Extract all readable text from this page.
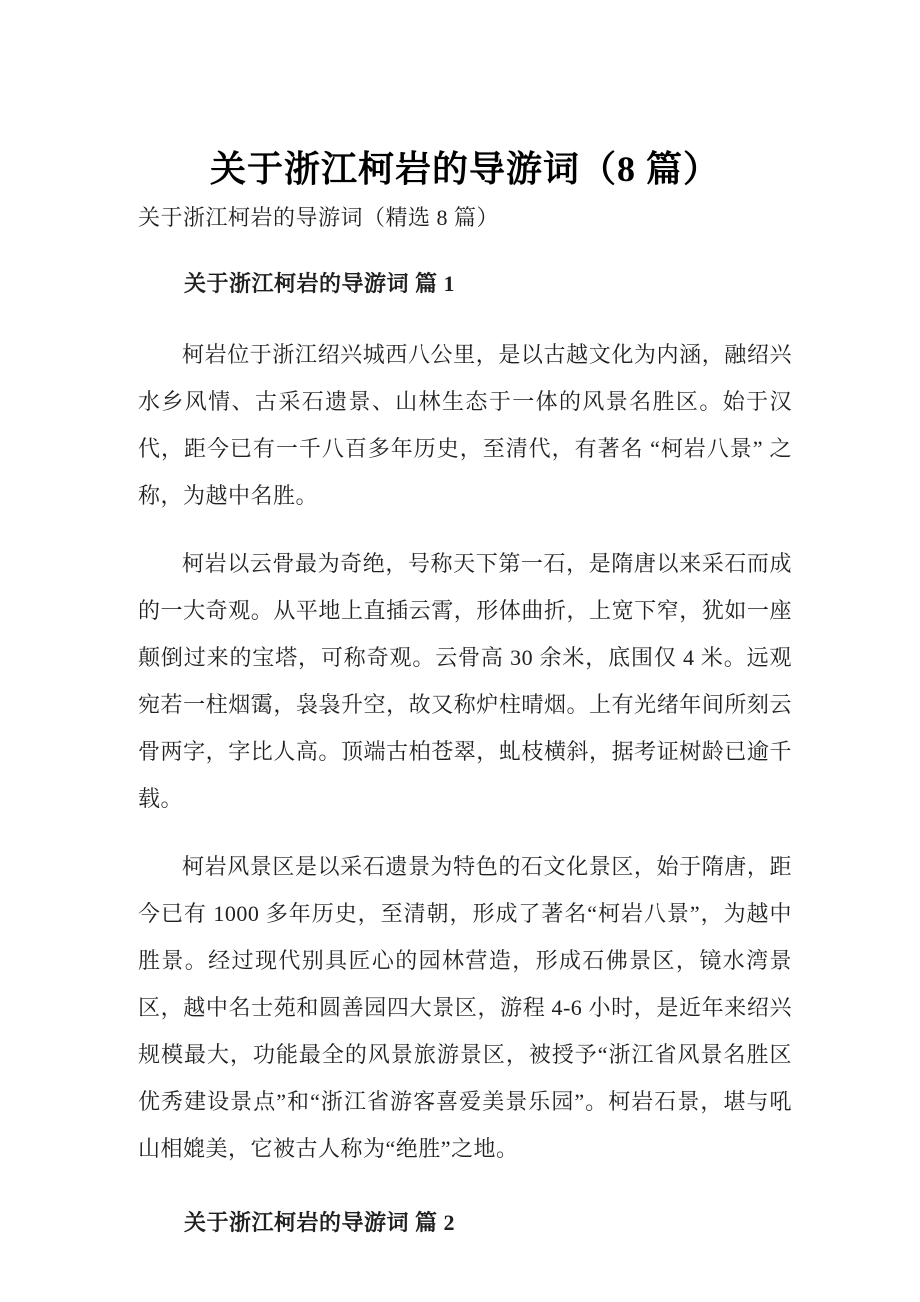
关于浙江柯岩的导游词（8 篇）

关于浙江柯岩的导游词（精选 8 篇）

关于浙江柯岩的导游词 篇 1

柯岩位于浙江绍兴城西八公里，是以古越文化为内涵，融绍兴水乡风情、古采石遗景、山林生态于一体的风景名胜区。始于汉代，距今已有一千八百多年历史，至清代，有著名 “柯岩八景” 之称，为越中名胜。

柯岩以云骨最为奇绝，号称天下第一石，是隋唐以来采石而成的一大奇观。从平地上直插云霄，形体曲折，上宽下窄，犹如一座颠倒过来的宝塔，可称奇观。云骨高 30 余米，底围仅 4 米。远观宛若一柱烟霭，袅袅升空，故又称炉柱晴烟。上有光绪年间所刻云骨两字，字比人高。顶端古柏苍翠，虬枝横斜，据考证树龄已逾千载。

柯岩风景区是以采石遗景为特色的石文化景区，始于隋唐，距今已有 1000 多年历史，至清朝，形成了著名“柯岩八景”，为越中胜景。经过现代别具匠心的园林营造，形成石佛景区，镜水湾景区，越中名士苑和圆善园四大景区，游程 4-6 小时，是近年来绍兴规模最大，功能最全的风景旅游景区，被授予“浙江省风景名胜区优秀建设景点”和“浙江省游客喜爱美景乐园”。柯岩石景，堪与吼山相媲美，它被古人称为“绝胜”之地。

关于浙江柯岩的导游词 篇 2
